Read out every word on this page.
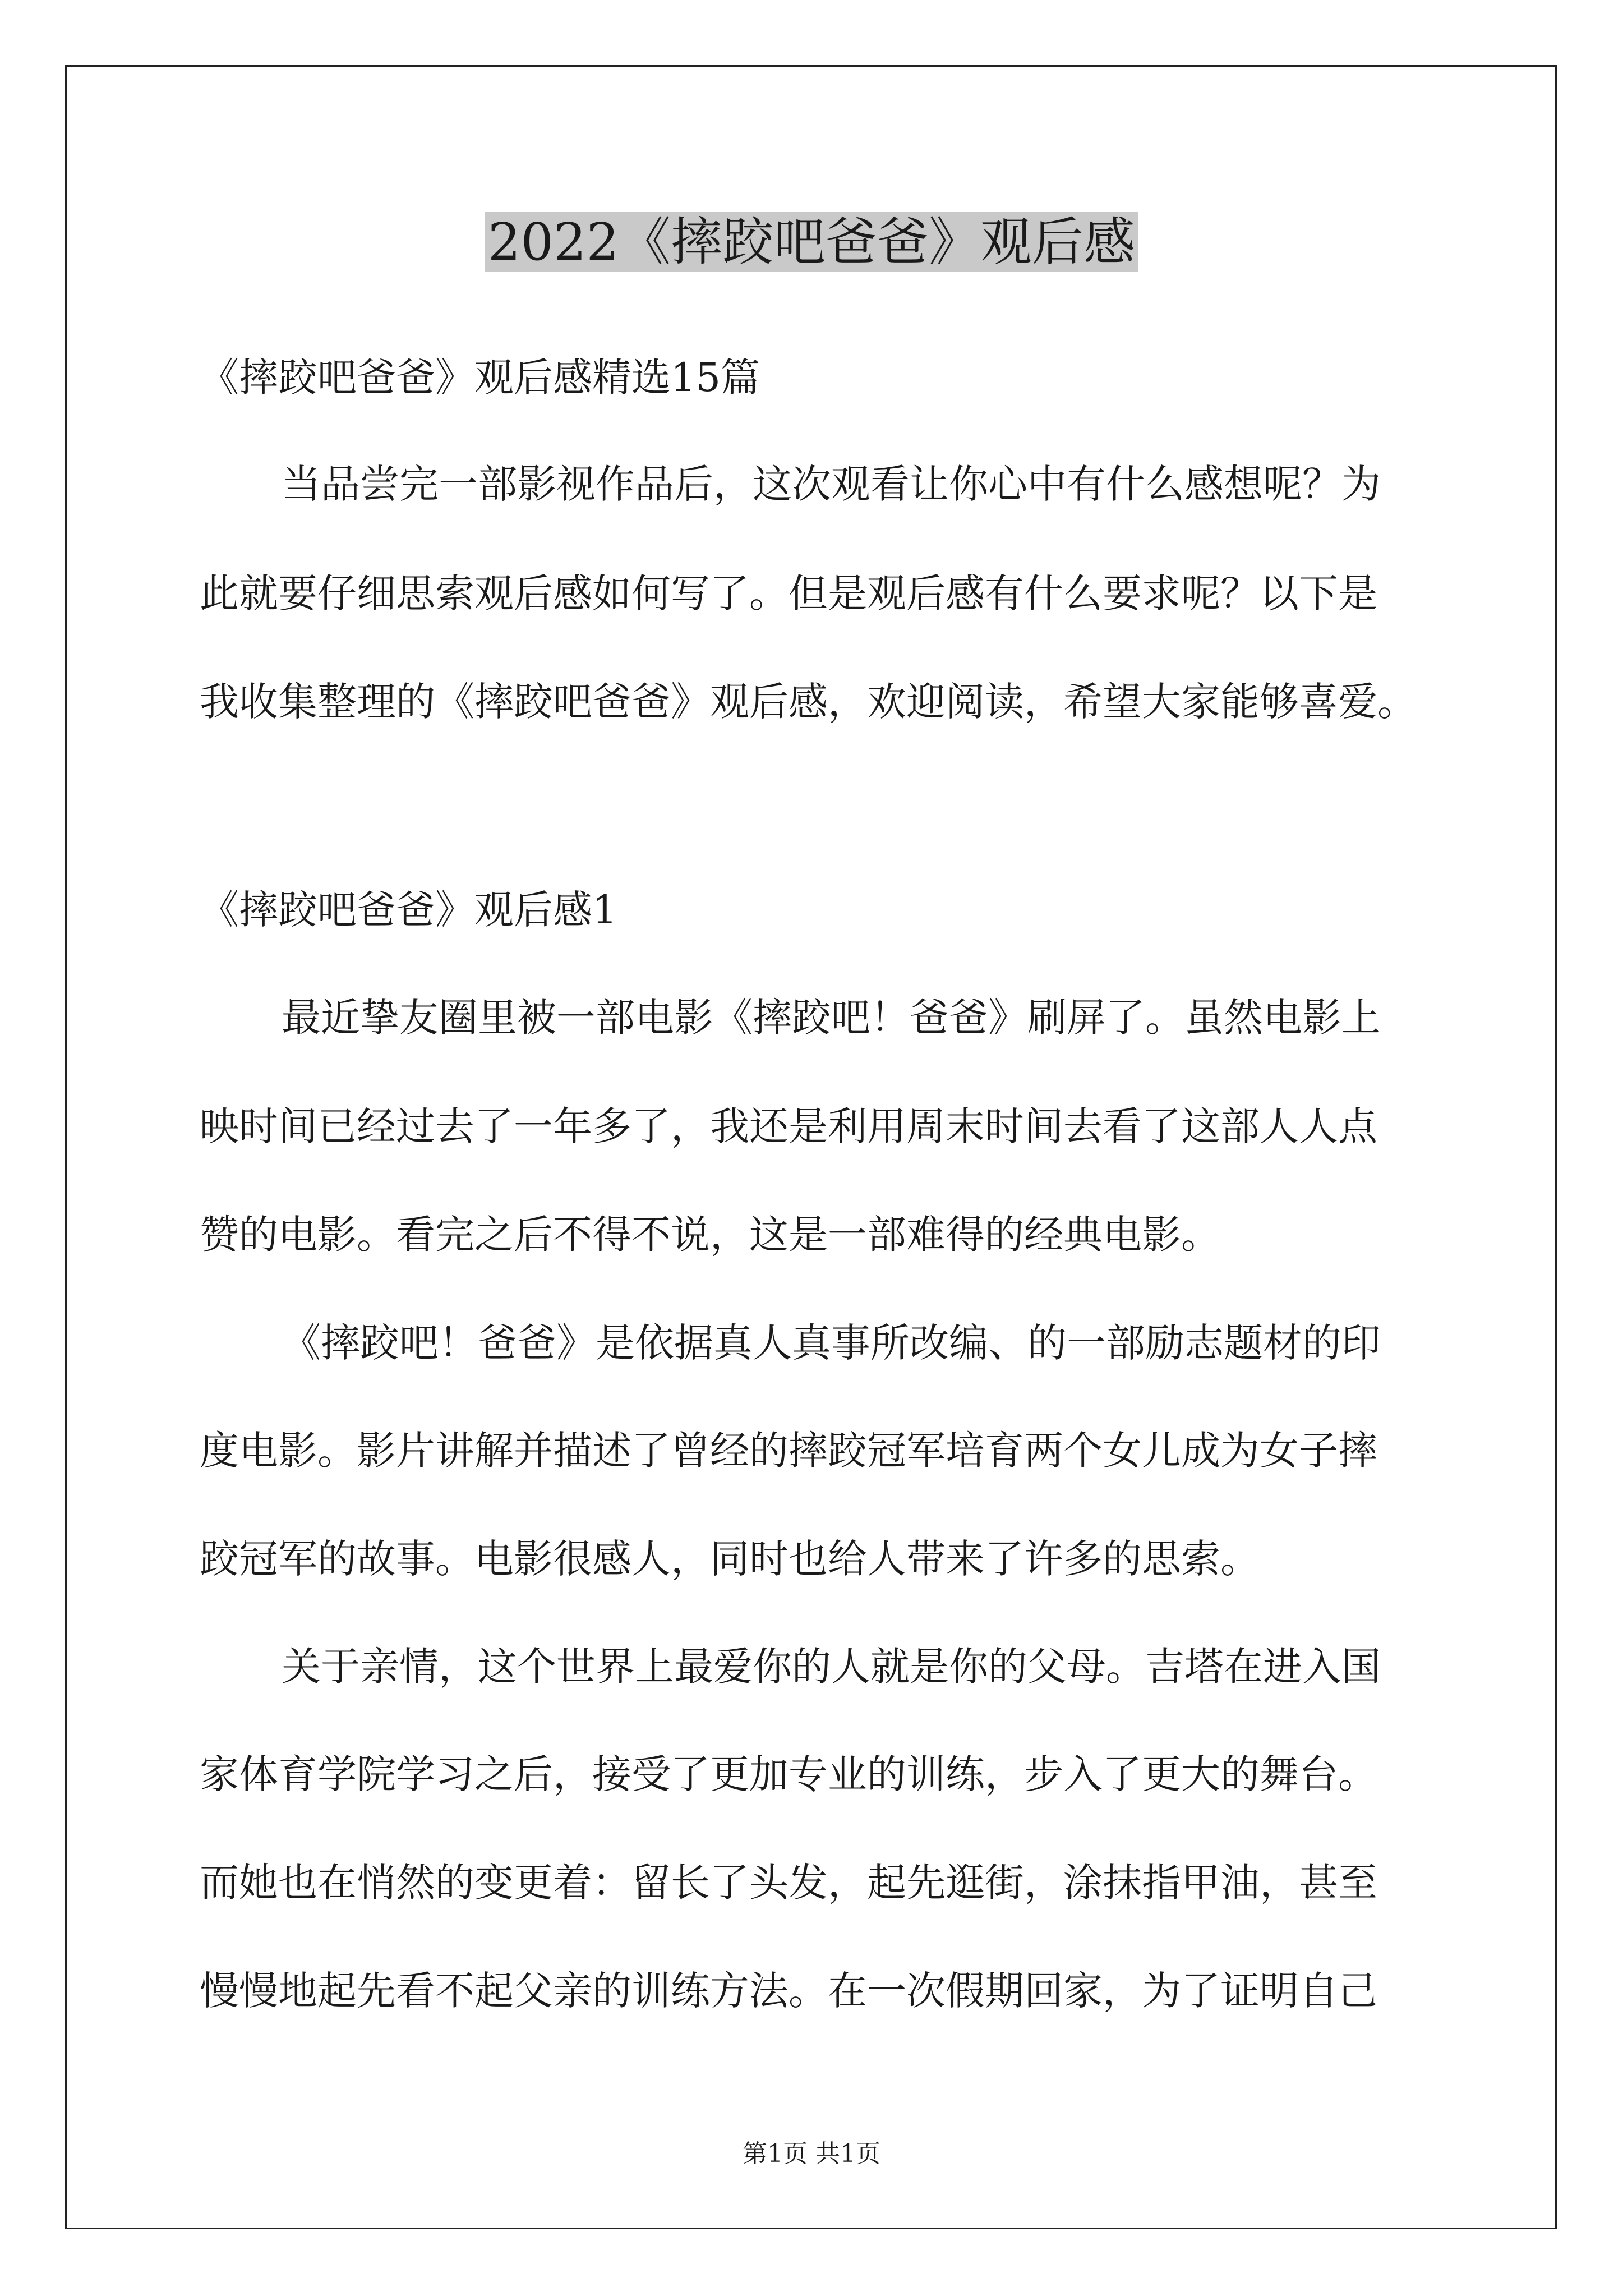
2022《摔跤吧爸爸》观后感

《摔跤吧爸爸》观后感精选15篇

当品尝完一部影视作品后，这次观看让你心中有什么感想呢？为

此就要仔细思索观后感如何写了。但是观后感有什么要求呢？以下是

我收集整理的《摔跤吧爸爸》观后感，欢迎阅读，希望大家能够喜爱。

《摔跤吧爸爸》观后感1

最近挚友圈里被一部电影《摔跤吧！爸爸》刷屏了。虽然电影上

映时间已经过去了一年多了，我还是利用周末时间去看了这部人人点

赞的电影。看完之后不得不说，这是一部难得的经典电影。

《摔跤吧！爸爸》是依据真人真事所改编、的一部励志题材的印

度电影。影片讲解并描述了曾经的摔跤冠军培育两个女儿成为女子摔

跤冠军的故事。电影很感人，同时也给人带来了许多的思索。

关于亲情，这个世界上最爱你的人就是你的父母。吉塔在进入国

家体育学院学习之后，接受了更加专业的训练，步入了更大的舞台。

而她也在悄然的变更着：留长了头发，起先逛街，涂抹指甲油，甚至

慢慢地起先看不起父亲的训练方法。在一次假期回家，为了证明自己

第1页 共1页
